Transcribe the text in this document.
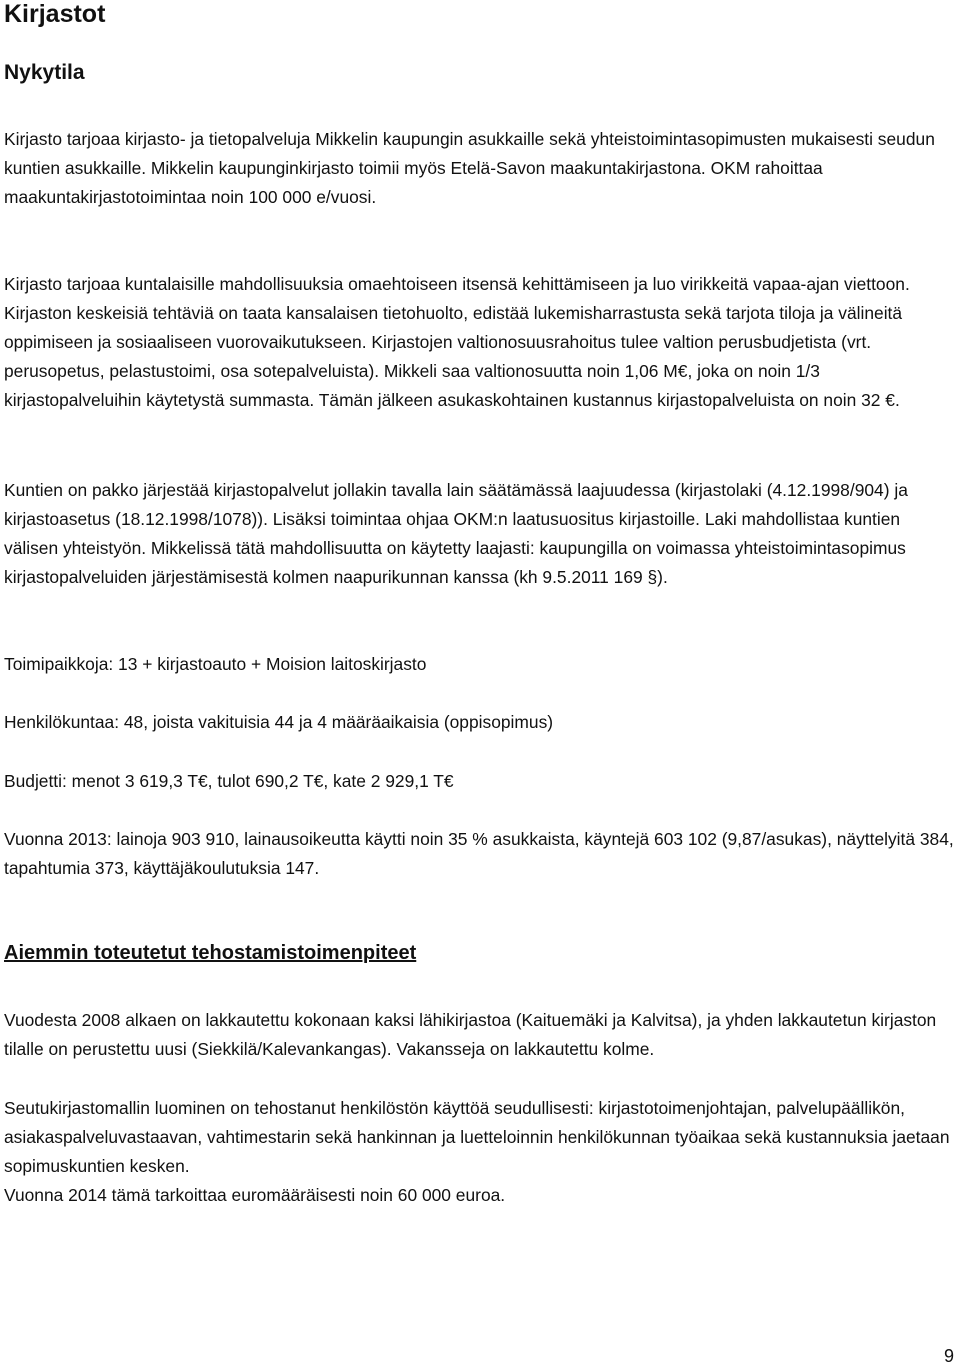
Kirjastot
Nykytila

Kirjasto tarjoaa kirjasto- ja tietopalveluja Mikkelin kaupungin asukkaille sekä yhteistoimintasopimusten mukaisesti seudun kuntien asukkaille. Mikkelin kaupunginkirjasto toimii myös Etelä-Savon maakuntakirjastona. OKM rahoittaa maakuntakirjastotoimintaa noin 100 000 e/vuosi.

Kirjasto tarjoaa kuntalaisille mahdollisuuksia omaehtoiseen itsensä kehittämiseen ja luo virikkeitä vapaa-ajan viettoon. Kirjaston keskeisiä tehtäviä on taata kansalaisen tietohuolto, edistää lukemisharrastusta sekä tarjota tiloja ja välineitä oppimiseen ja sosiaaliseen vuorovaikutukseen. Kirjastojen valtionosuusrahoitus tulee valtion perusbudjetista (vrt. perusopetus, pelastustoimi, osa sotepalveluista). Mikkeli saa valtionosuutta noin 1,06 M€, joka on noin 1/3 kirjastopalveluihin käytetystä summasta. Tämän jälkeen asukaskohtainen kustannus kirjastopalveluista on noin 32 €.

Kuntien on pakko järjestää kirjastopalvelut jollakin tavalla lain säätämässä laajuudessa (kirjastolaki (4.12.1998/904) ja kirjastoasetus (18.12.1998/1078)). Lisäksi toimintaa ohjaa OKM:n laatusuositus kirjastoille. Laki mahdollistaa kuntien välisen yhteistyön. Mikkelissä tätä mahdollisuutta on käytetty laajasti: kaupungilla on voimassa yhteistoimintasopimus kirjastopalveluiden järjestämisestä kolmen naapurikunnan kanssa (kh 9.5.2011 169 §).

Toimipaikkoja: 13 + kirjastoauto + Moision laitoskirjasto

Henkilökuntaa: 48, joista vakituisia 44 ja 4 määräaikaisia (oppisopimus)

Budjetti: menot 3 619,3 T€, tulot 690,2 T€, kate 2 929,1 T€

Vuonna 2013: lainoja 903 910, lainausoikeutta käytti noin 35 % asukkaista, käyntejä 603 102 (9,87/asukas), näyttelyitä 384, tapahtumia 373, käyttäjäkoulutuksia 147.

Aiemmin toteutetut tehostamistoimenpiteet

Vuodesta 2008 alkaen on lakkautettu kokonaan kaksi lähikirjastoa (Kaituemäki ja Kalvitsa), ja yhden lakkautetun kirjaston tilalle on perustettu uusi (Siekkilä/Kalevankangas). Vakansseja on lakkautettu kolme.

Seutukirjastomallin luominen on tehostanut henkilöstön käyttöä seudullisesti: kirjastotoimenjohtajan, palvelupäällikön, asiakaspalveluvastaavan, vahtimestarin sekä hankinnan ja luetteloinnin henkilökunnan työaikaa sekä kustannuksia jaetaan sopimuskuntien kesken.

Vuonna 2014 tämä tarkoittaa euromääräisesti noin 60 000 euroa.

9
